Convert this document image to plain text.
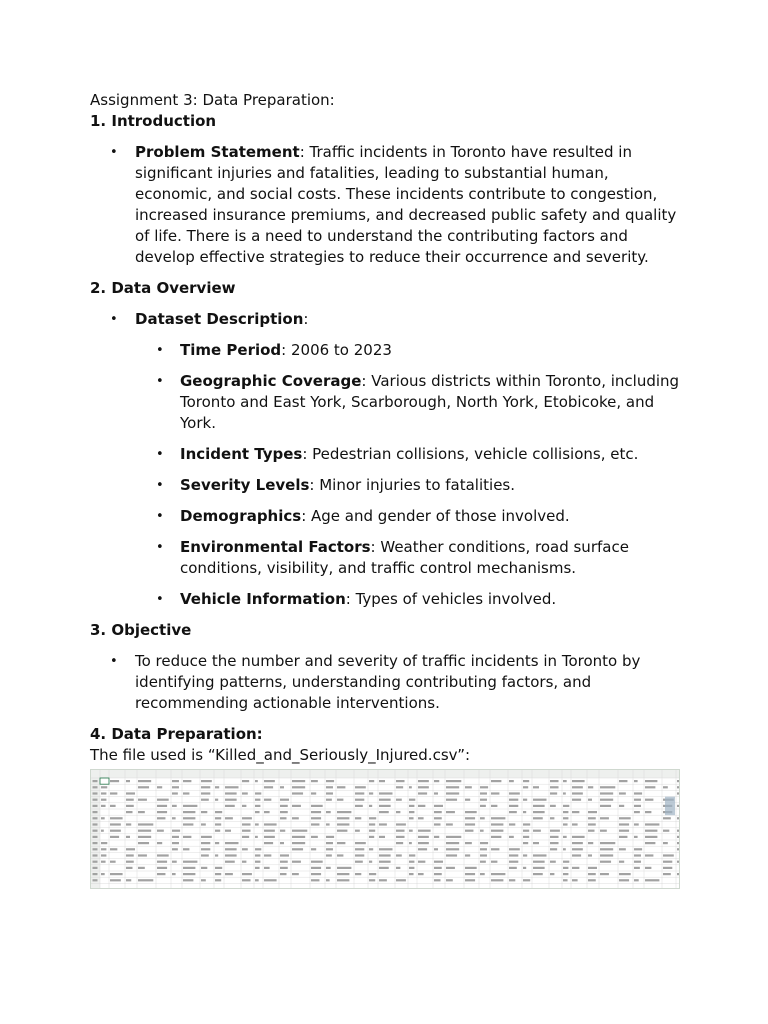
Assignment 3: Data Preparation:
1. Introduction
• Problem Statement: Traffic incidents in Toronto have resulted in significant injuries and fatalities, leading to substantial human, economic, and social costs. These incidents contribute to congestion, increased insurance premiums, and decreased public safety and quality of life. There is a need to understand the contributing factors and develop effective strategies to reduce their occurrence and severity.
2. Data Overview
• Dataset Description:
• Time Period: 2006 to 2023
• Geographic Coverage: Various districts within Toronto, including Toronto and East York, Scarborough, North York, Etobicoke, and York.
• Incident Types: Pedestrian collisions, vehicle collisions, etc.
• Severity Levels: Minor injuries to fatalities.
• Demographics: Age and gender of those involved.
• Environmental Factors: Weather conditions, road surface conditions, visibility, and traffic control mechanisms.
• Vehicle Information: Types of vehicles involved.
3. Objective
• To reduce the number and severity of traffic incidents in Toronto by identifying patterns, understanding contributing factors, and recommending actionable interventions.
4. Data Preparation:
The file used is “Killed_and_Seriously_Injured.csv”:
